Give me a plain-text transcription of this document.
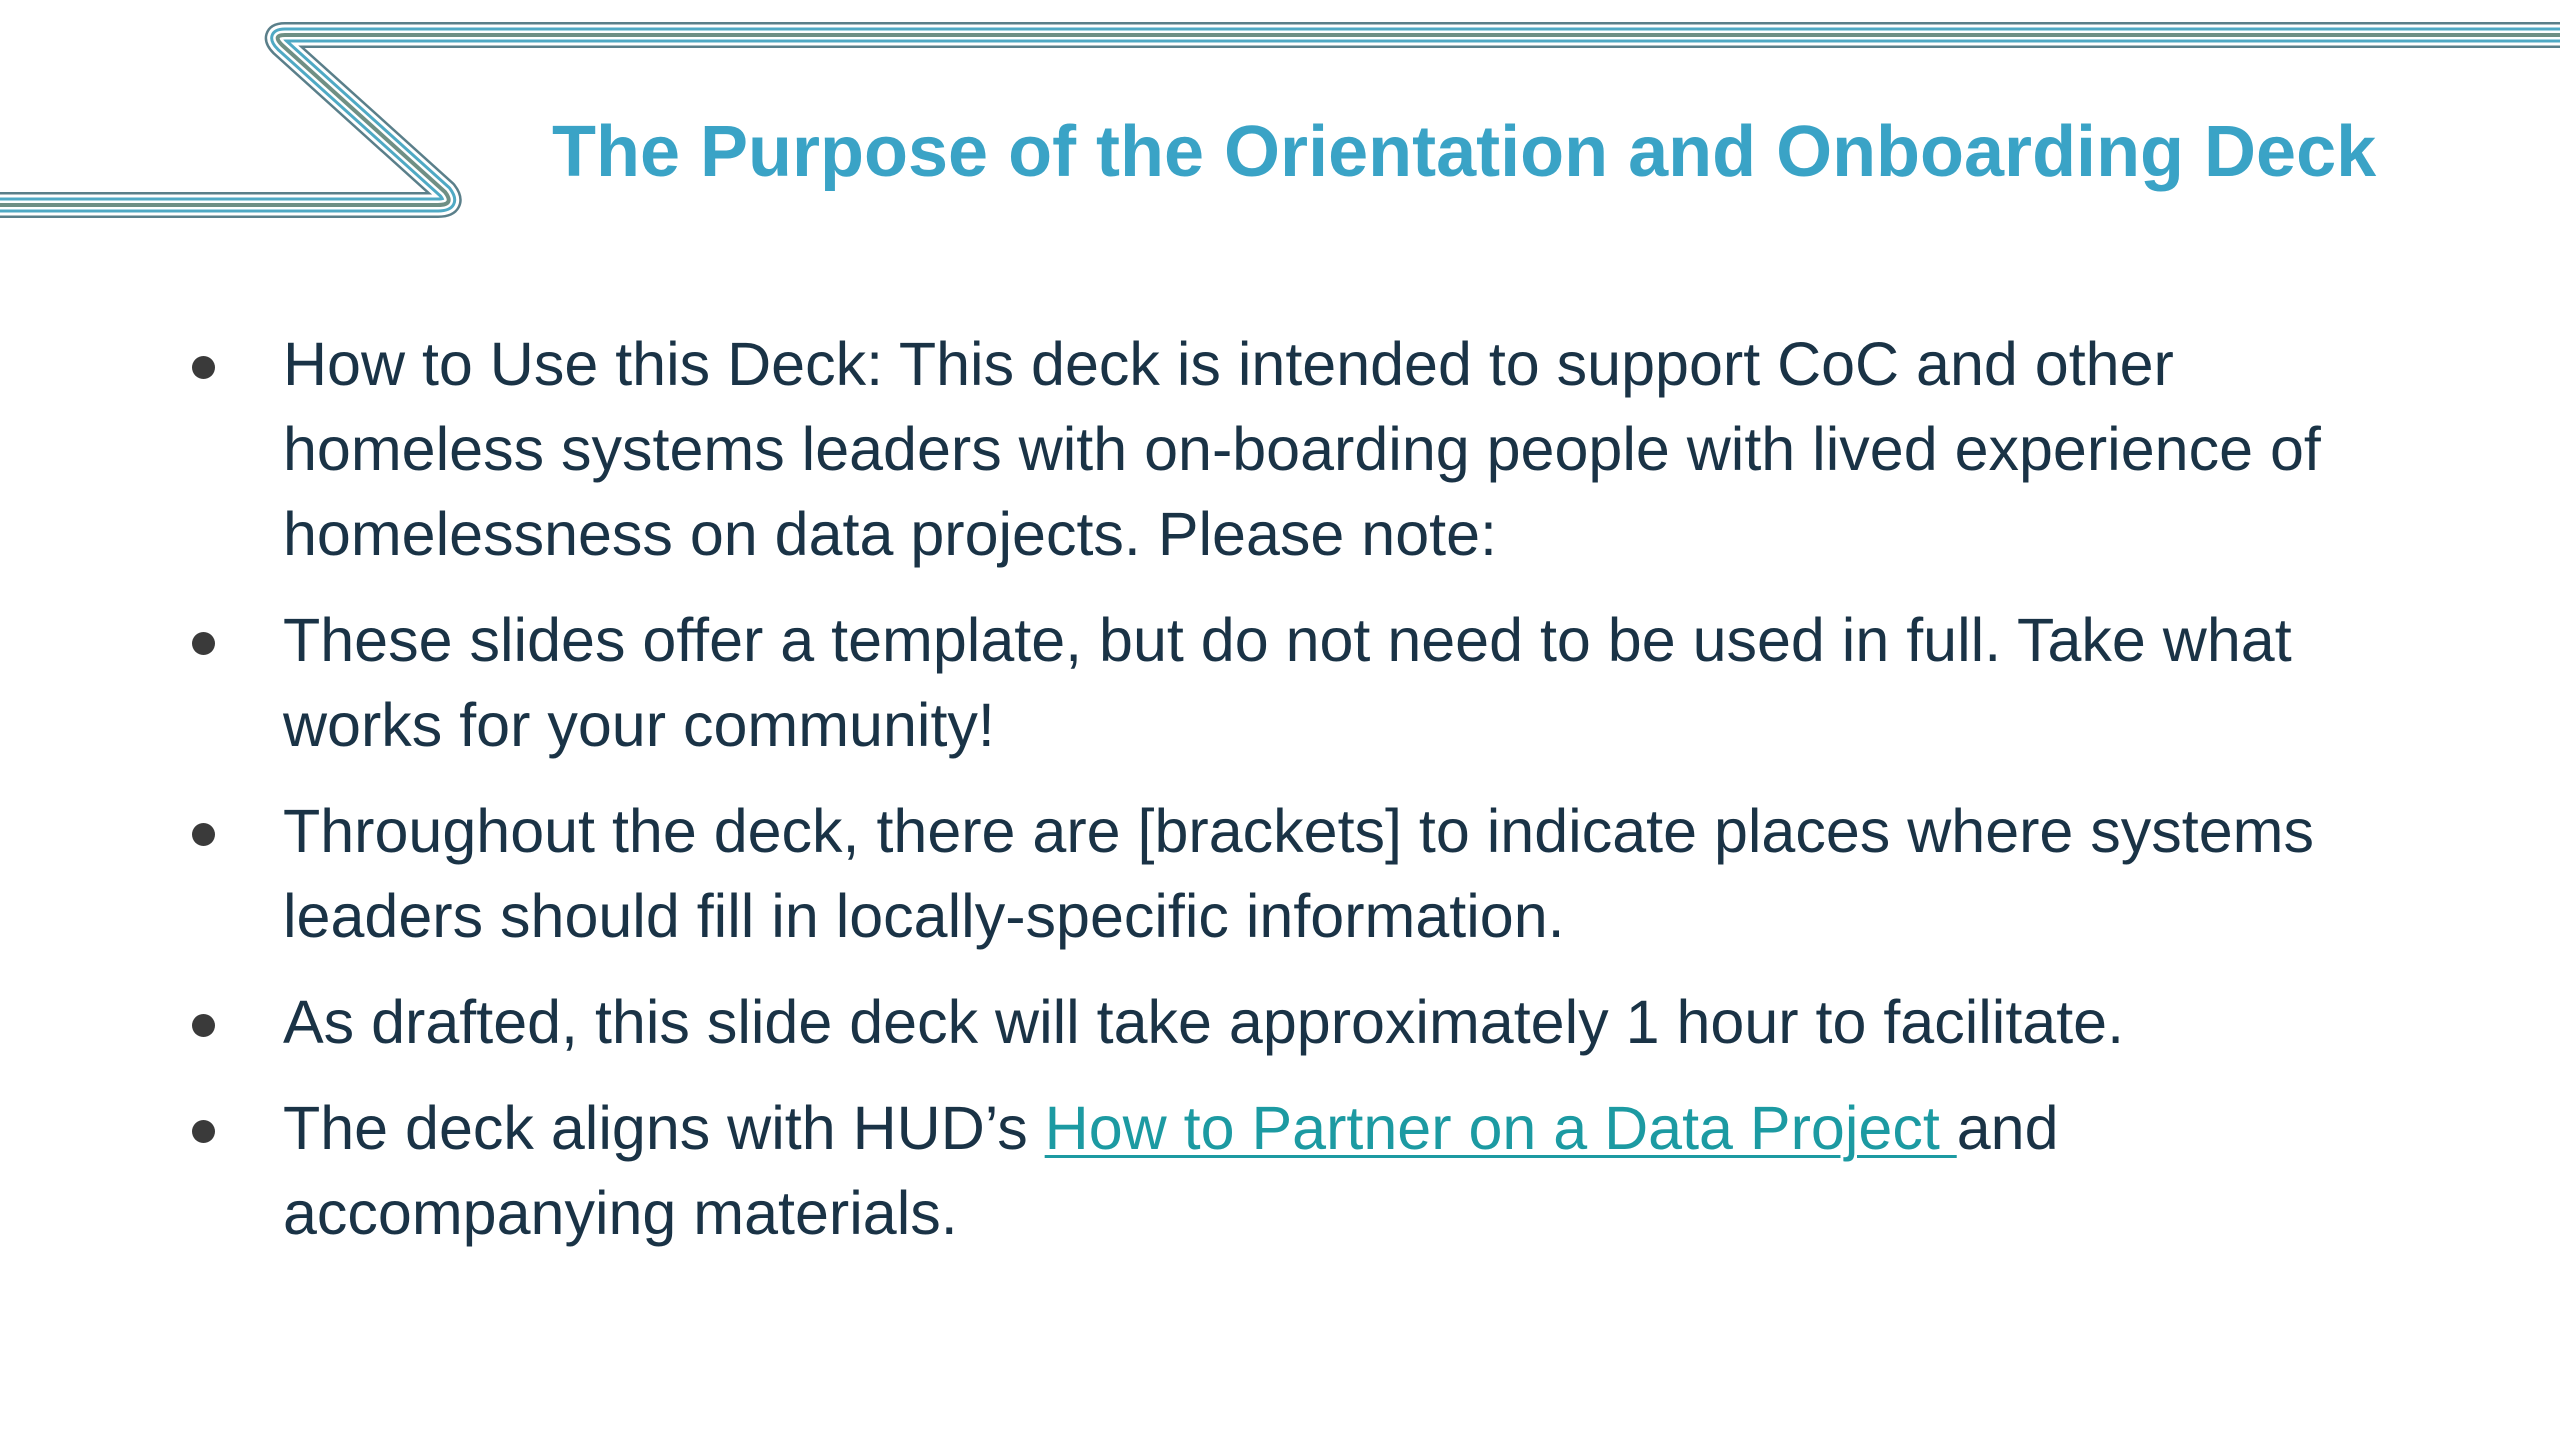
The Purpose of the Orientation and Onboarding Deck
How to Use this Deck: This deck is intended to support CoC and other homeless systems leaders with on-boarding people with lived experience of homelessness on data projects. Please note:
These slides offer a template, but do not need to be used in full. Take what works for your community!
Throughout the deck, there are [brackets] to indicate places where systems leaders should fill in locally-specific information.
As drafted, this slide deck will take approximately 1 hour to facilitate.
The deck aligns with HUD’s How to Partner on a Data Project and accompanying materials.
